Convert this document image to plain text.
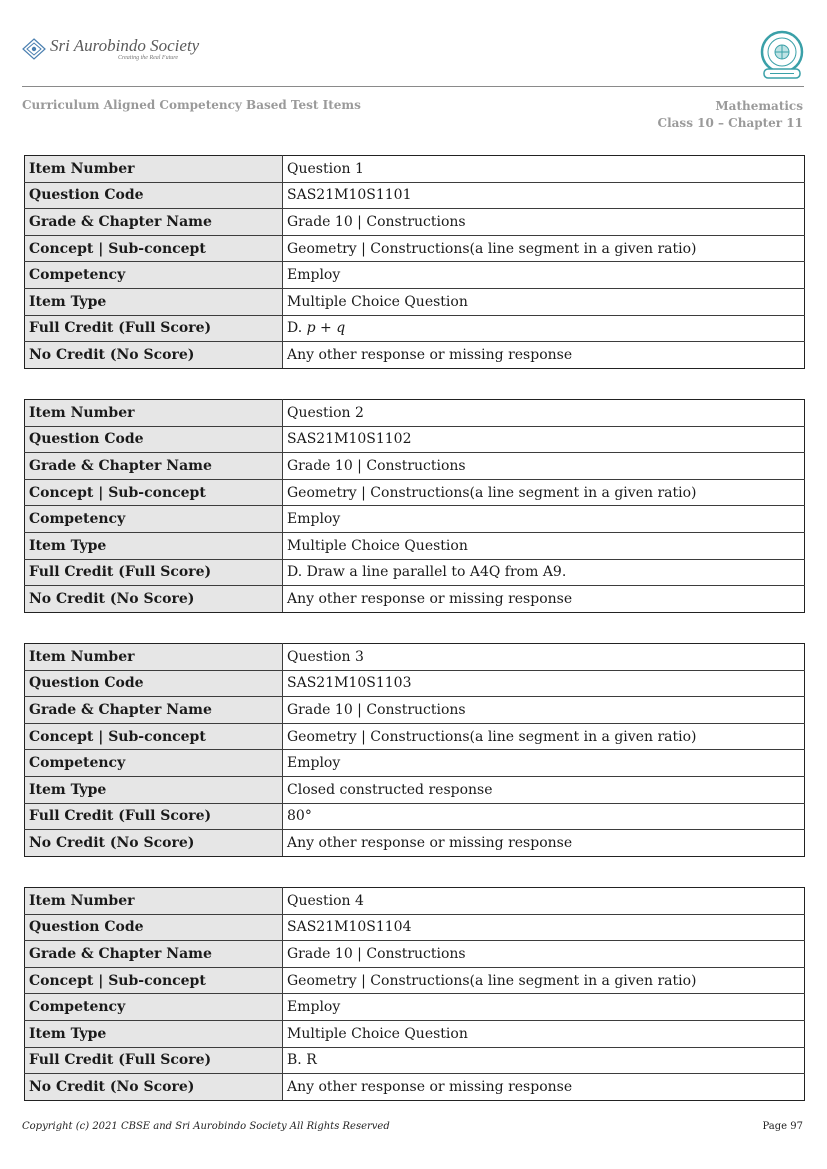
Sri Aurobindo Society
Creating the Real Future
Curriculum Aligned Competency Based Test Items	Mathematics
Class 10 – Chapter 11
Item Number	Question 1
Question Code	SAS21M10S1101
Grade & Chapter Name	Grade 10 | Constructions
Concept | Sub-concept	Geometry | Constructions(a line segment in a given ratio)
Competency	Employ
Item Type	Multiple Choice Question
Full Credit (Full Score)	D. p + q
No Credit (No Score)	Any other response or missing response
Item Number	Question 2
Question Code	SAS21M10S1102
Grade & Chapter Name	Grade 10 | Constructions
Concept | Sub-concept	Geometry | Constructions(a line segment in a given ratio)
Competency	Employ
Item Type	Multiple Choice Question
Full Credit (Full Score)	D. Draw a line parallel to A4Q from A9.
No Credit (No Score)	Any other response or missing response
Item Number	Question 3
Question Code	SAS21M10S1103
Grade & Chapter Name	Grade 10 | Constructions
Concept | Sub-concept	Geometry | Constructions(a line segment in a given ratio)
Competency	Employ
Item Type	Closed constructed response
Full Credit (Full Score)	80°
No Credit (No Score)	Any other response or missing response
Item Number	Question 4
Question Code	SAS21M10S1104
Grade & Chapter Name	Grade 10 | Constructions
Concept | Sub-concept	Geometry | Constructions(a line segment in a given ratio)
Competency	Employ
Item Type	Multiple Choice Question
Full Credit (Full Score)	B. R
No Credit (No Score)	Any other response or missing response
Copyright (c) 2021 CBSE and Sri Aurobindo Society All Rights Reserved	Page 97
